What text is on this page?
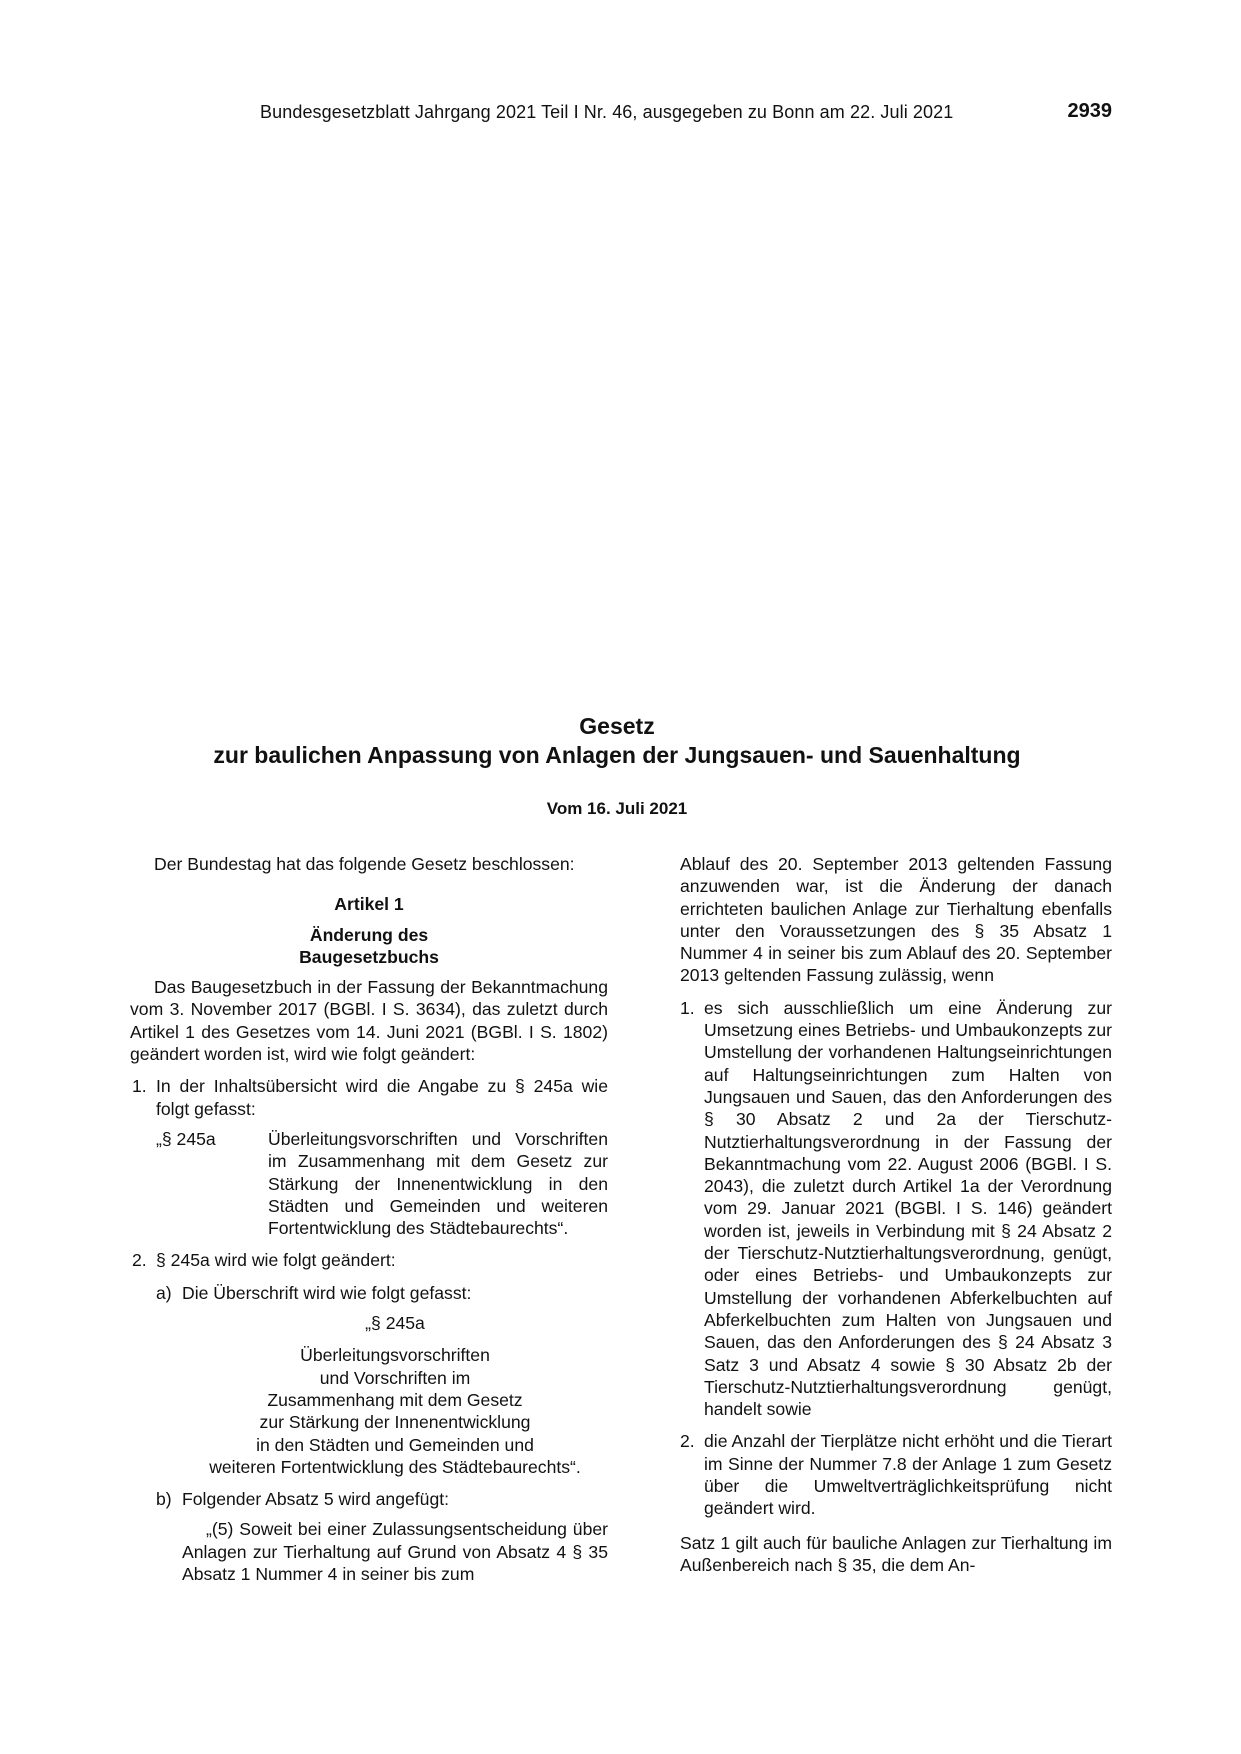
Bundesgesetzblatt Jahrgang 2021 Teil I Nr. 46, ausgegeben zu Bonn am 22. Juli 2021	2939
Gesetz
zur baulichen Anpassung von Anlagen der Jungsauen- und Sauenhaltung
Vom 16. Juli 2021

Der Bundestag hat das folgende Gesetz beschlossen:

Artikel 1
Änderung des
Baugesetzbuchs

Das Baugesetzbuch in der Fassung der Bekanntmachung vom 3. November 2017 (BGBl. I S. 3634), das zuletzt durch Artikel 1 des Gesetzes vom 14. Juni 2021 (BGBl. I S. 1802) geändert worden ist, wird wie folgt geändert:

1. In der Inhaltsübersicht wird die Angabe zu § 245a wie folgt gefasst:
„§ 245a	Überleitungsvorschriften und Vorschriften im Zusammenhang mit dem Gesetz zur Stärkung der Innenentwicklung in den Städten und Gemeinden und weiteren Fortentwicklung des Städtebaurechts“.
2. § 245a wird wie folgt geändert:
a) Die Überschrift wird wie folgt gefasst:
„§ 245a
Überleitungsvorschriften
und Vorschriften im
Zusammenhang mit dem Gesetz
zur Stärkung der Innenentwicklung
in den Städten und Gemeinden und
weiteren Fortentwicklung des Städtebaurechts“.
b) Folgender Absatz 5 wird angefügt:

„(5) Soweit bei einer Zulassungsentscheidung über Anlagen zur Tierhaltung auf Grund von Absatz 4 § 35 Absatz 1 Nummer 4 in seiner bis zum

Ablauf des 20. September 2013 geltenden Fassung anzuwenden war, ist die Änderung der danach errichteten baulichen Anlage zur Tierhaltung ebenfalls unter den Voraussetzungen des § 35 Absatz 1 Nummer 4 in seiner bis zum Ablauf des 20. September 2013 geltenden Fassung zulässig, wenn

1. es sich ausschließlich um eine Änderung zur Umsetzung eines Betriebs- und Umbaukonzepts zur Umstellung der vorhandenen Haltungseinrichtungen auf Haltungseinrichtungen zum Halten von Jungsauen und Sauen, das den Anforderungen des § 30 Absatz 2 und 2a der Tierschutz-Nutztierhaltungsverordnung in der Fassung der Bekanntmachung vom 22. August 2006 (BGBl. I S. 2043), die zuletzt durch Artikel 1a der Verordnung vom 29. Januar 2021 (BGBl. I S. 146) geändert worden ist, jeweils in Verbindung mit § 24 Absatz 2 der Tierschutz-Nutztierhaltungsverordnung, genügt, oder eines Betriebs- und Umbaukonzepts zur Umstellung der vorhandenen Abferkelbuchten auf Abferkelbuchten zum Halten von Jungsauen und Sauen, das den Anforderungen des § 24 Absatz 3 Satz 3 und Absatz 4 sowie § 30 Absatz 2b der Tierschutz-Nutztierhaltungsverordnung genügt, handelt sowie
2. die Anzahl der Tierplätze nicht erhöht und die Tierart im Sinne der Nummer 7.8 der Anlage 1 zum Gesetz über die Umweltverträglichkeitsprüfung nicht geändert wird.

Satz 1 gilt auch für bauliche Anlagen zur Tierhaltung im Außenbereich nach § 35, die dem An-
